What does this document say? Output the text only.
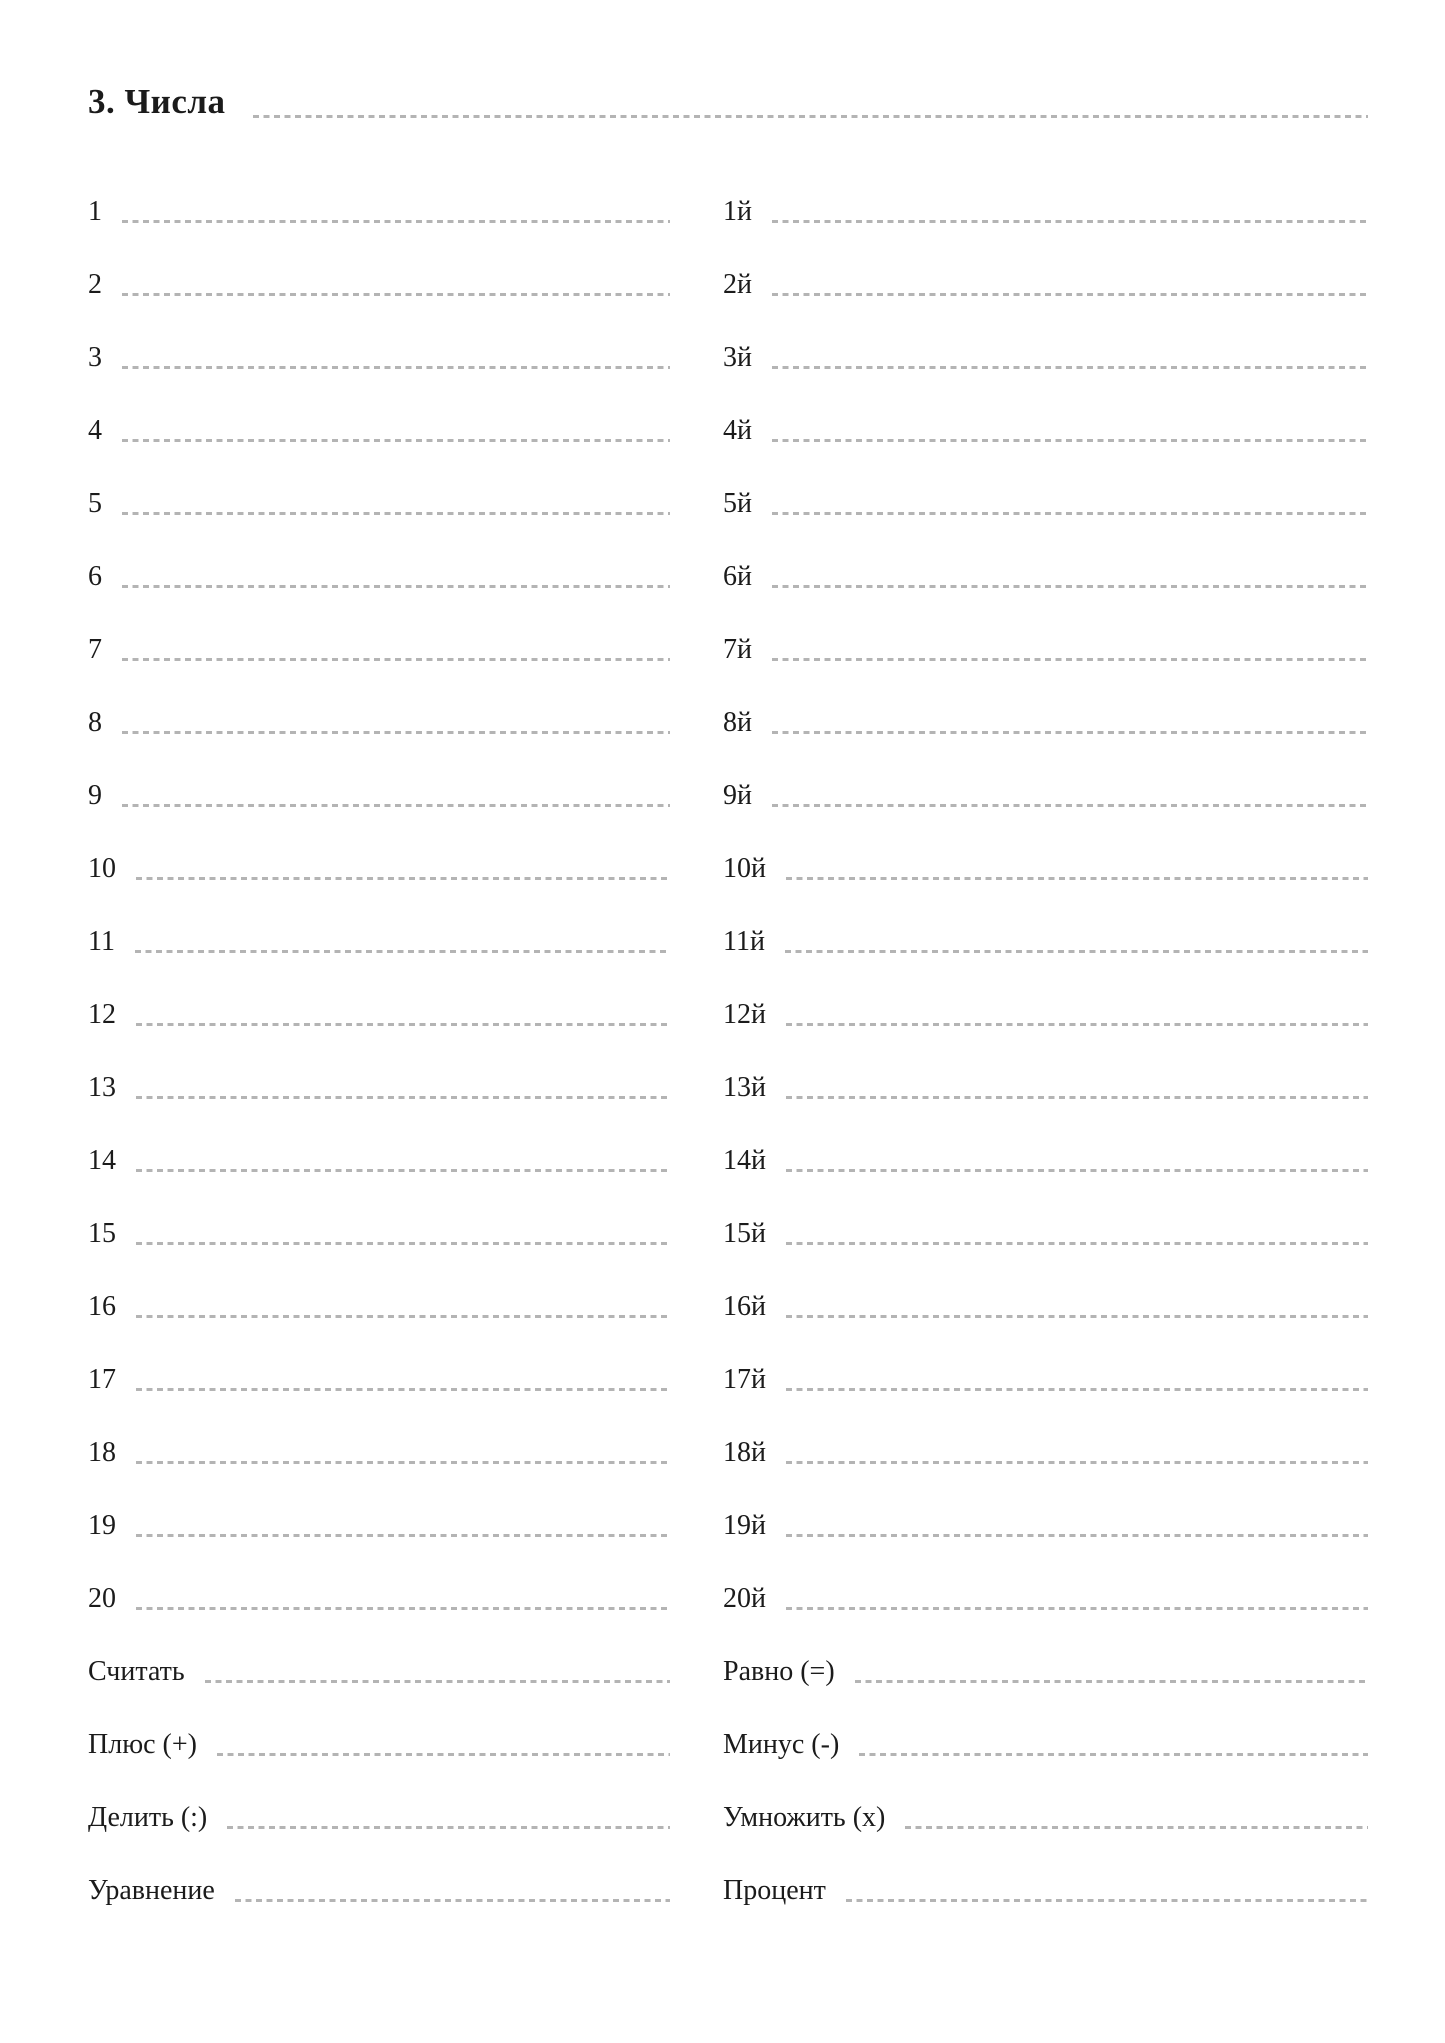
3. Числа
1
2
3
4
5
6
7
8
9
10
11
12
13
14
15
16
17
18
19
20
Считать
Плюс (+)
Делить (:)
Уравнение
1й
2й
3й
4й
5й
6й
7й
8й
9й
10й
11й
12й
13й
14й
15й
16й
17й
18й
19й
20й
Равно (=)
Минус (-)
Умножить (x)
Процент
